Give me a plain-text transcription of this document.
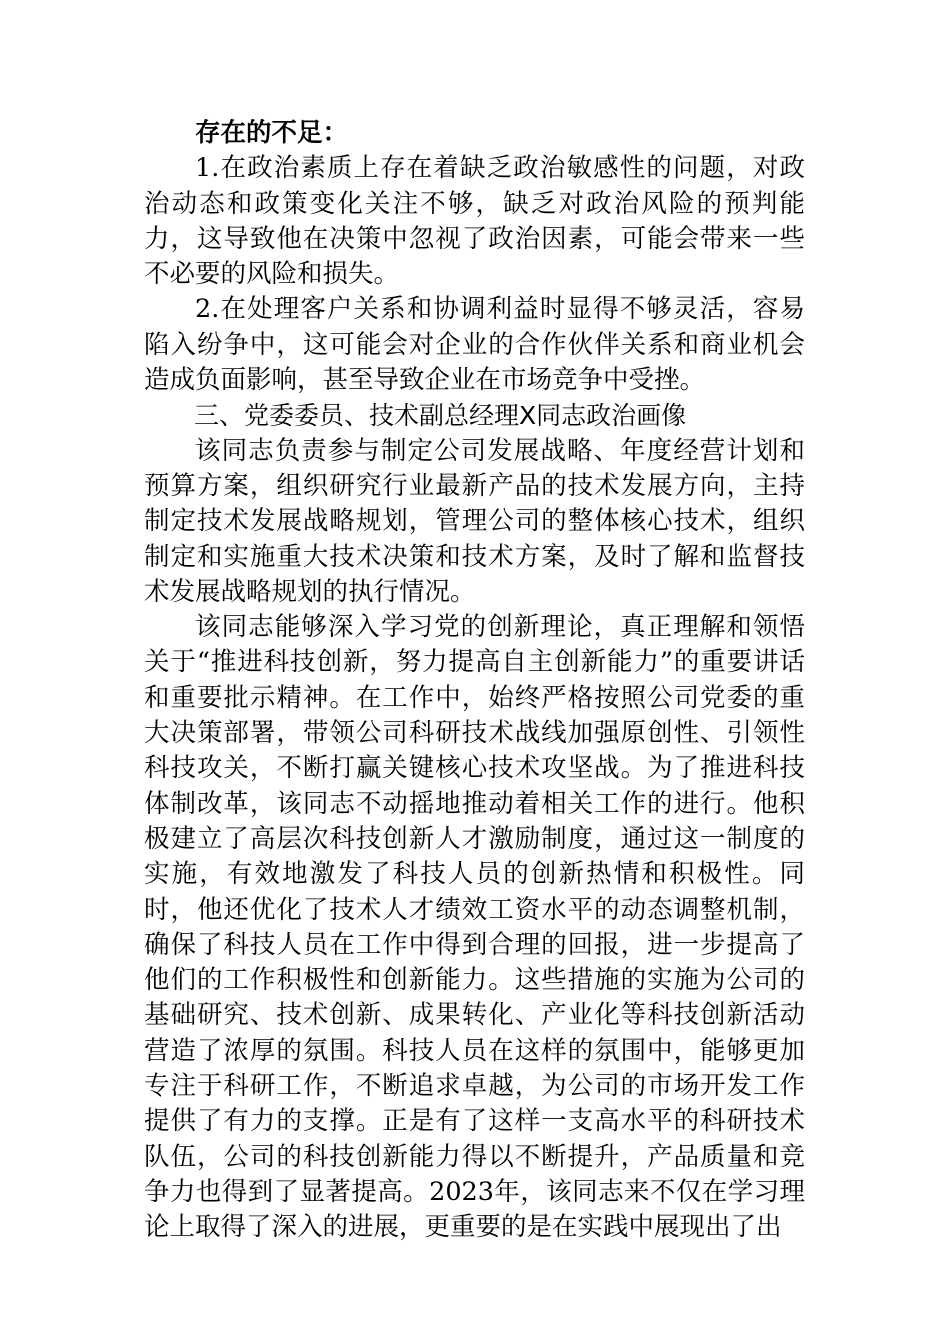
存在的不足：

1.在政治素质上存在着缺乏政治敏感性的问题，对政治动态和政策变化关注不够，缺乏对政治风险的预判能力，这导致他在决策中忽视了政治因素，可能会带来一些不必要的风险和损失。

2.在处理客户关系和协调利益时显得不够灵活，容易陷入纷争中，这可能会对企业的合作伙伴关系和商业机会造成负面影响，甚至导致企业在市场竞争中受挫。

三、党委委员、技术副总经理X同志政治画像

该同志负责参与制定公司发展战略、年度经营计划和预算方案，组织研究行业最新产品的技术发展方向，主持制定技术发展战略规划，管理公司的整体核心技术，组织制定和实施重大技术决策和技术方案，及时了解和监督技术发展战略规划的执行情况。

该同志能够深入学习党的创新理论，真正理解和领悟关于“推进科技创新，努力提高自主创新能力”的重要讲话和重要批示精神。在工作中，始终严格按照公司党委的重大决策部署，带领公司科研技术战线加强原创性、引领性科技攻关，不断打赢关键核心技术攻坚战。为了推进科技体制改革，该同志不动摇地推动着相关工作的进行。他积极建立了高层次科技创新人才激励制度，通过这一制度的实施，有效地激发了科技人员的创新热情和积极性。同时，他还优化了技术人才绩效工资水平的动态调整机制，确保了科技人员在工作中得到合理的回报，进一步提高了他们的工作积极性和创新能力。这些措施的实施为公司的基础研究、技术创新、成果转化、产业化等科技创新活动营造了浓厚的氛围。科技人员在这样的氛围中，能够更加专注于科研工作，不断追求卓越，为公司的市场开发工作提供了有力的支撑。正是有了这样一支高水平的科研技术队伍，公司的科技创新能力得以不断提升，产品质量和竞争力也得到了显著提高。2023年，该同志来不仅在学习理论上取得了深入的进展，更重要的是在实践中展现出了出
